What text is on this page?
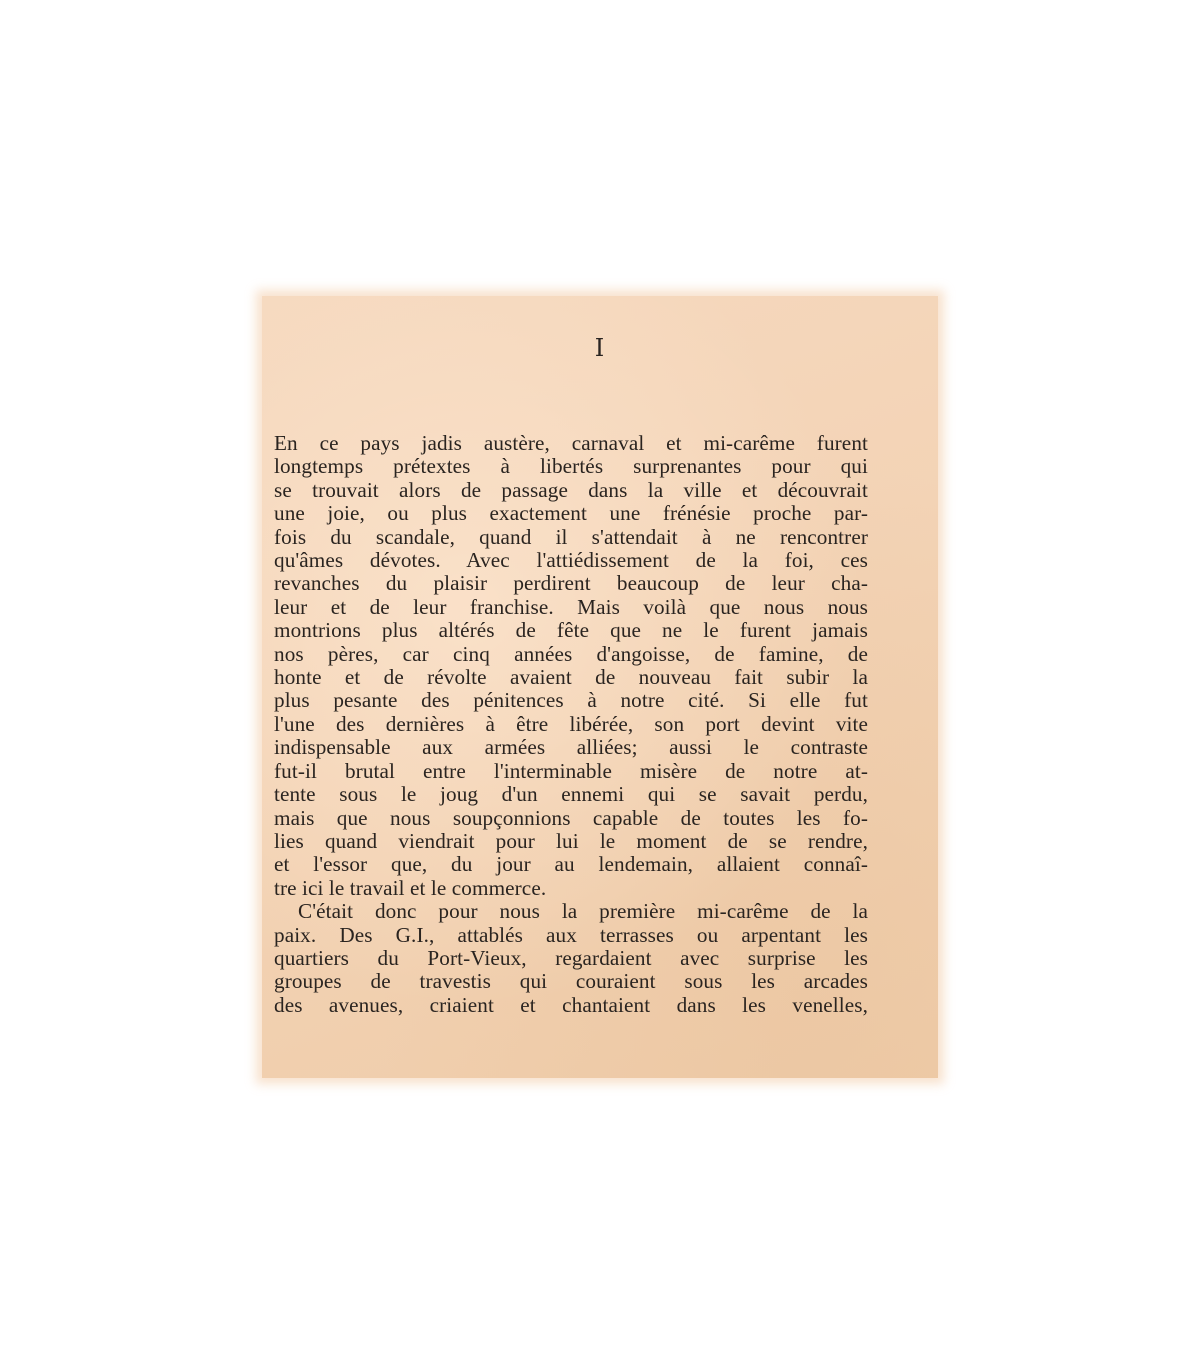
I
En ce pays jadis austère, carnaval et mi-carême furent
longtemps prétextes à libertés surprenantes pour qui
se trouvait alors de passage dans la ville et découvrait
une joie, ou plus exactement une frénésie proche par-
fois du scandale, quand il s'attendait à ne rencontrer
qu'âmes dévotes. Avec l'attiédissement de la foi, ces
revanches du plaisir perdirent beaucoup de leur cha-
leur et de leur franchise. Mais voilà que nous nous
montrions plus altérés de fête que ne le furent jamais
nos pères, car cinq années d'angoisse, de famine, de
honte et de révolte avaient de nouveau fait subir la
plus pesante des pénitences à notre cité. Si elle fut
l'une des dernières à être libérée, son port devint vite
indispensable aux armées alliées; aussi le contraste
fut-il brutal entre l'interminable misère de notre at-
tente sous le joug d'un ennemi qui se savait perdu,
mais que nous soupçonnions capable de toutes les fo-
lies quand viendrait pour lui le moment de se rendre,
et l'essor que, du jour au lendemain, allaient connaî-
tre ici le travail et le commerce.
C'était donc pour nous la première mi-carême de la
paix. Des G.I., attablés aux terrasses ou arpentant les
quartiers du Port-Vieux, regardaient avec surprise les
groupes de travestis qui couraient sous les arcades
des avenues, criaient et chantaient dans les venelles,
